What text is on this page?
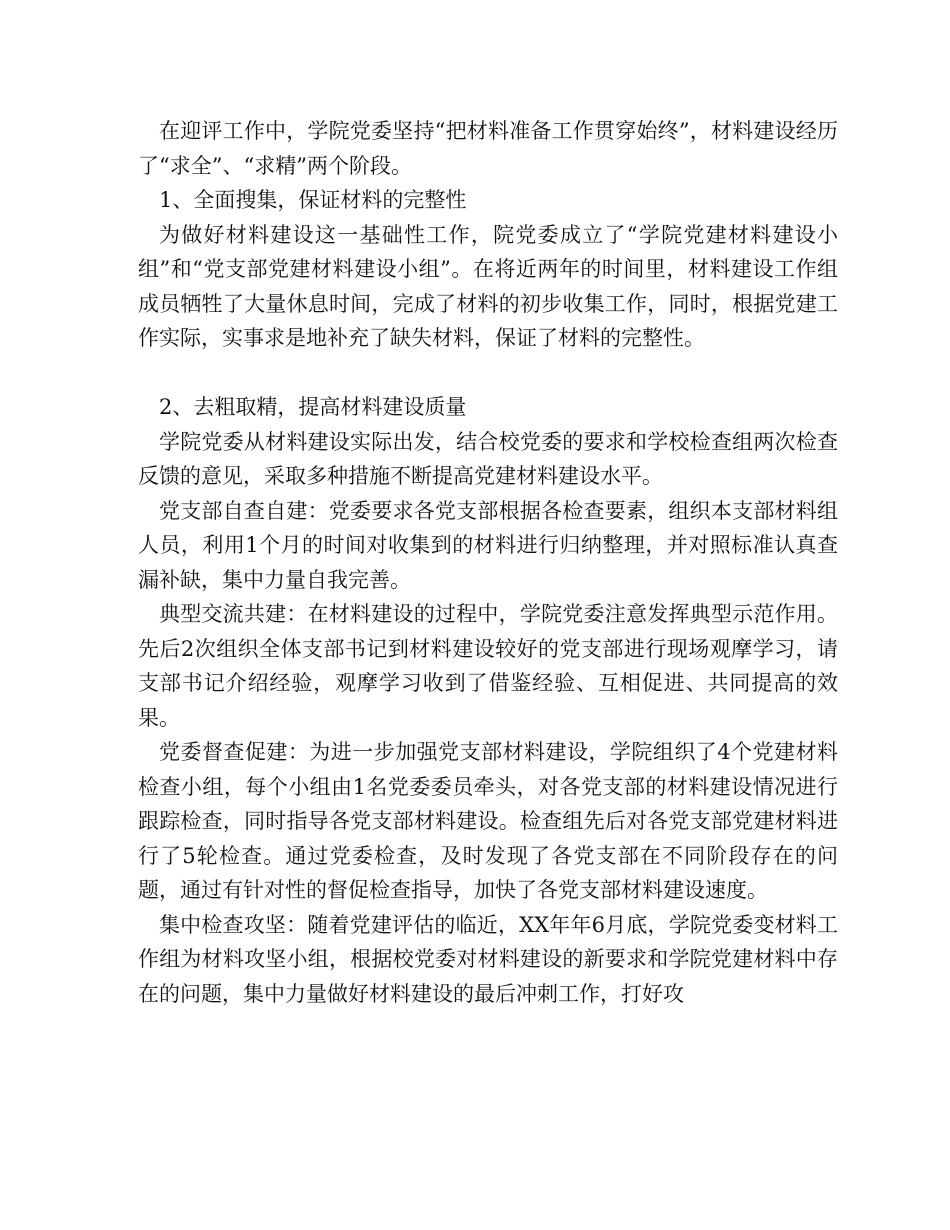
在迎评工作中，学院党委坚持“把材料准备工作贯穿始终”，材料建设经历了“求全”、“求精”两个阶段。

1、全面搜集，保证材料的完整性

为做好材料建设这一基础性工作，院党委成立了“学院党建材料建设小组”和“党支部党建材料建设小组”。在将近两年的时间里，材料建设工作组成员牺牲了大量休息时间，完成了材料的初步收集工作，同时，根据党建工作实际，实事求是地补充了缺失材料，保证了材料的完整性。

2、去粗取精，提高材料建设质量

学院党委从材料建设实际出发，结合校党委的要求和学校检查组两次检查反馈的意见，采取多种措施不断提高党建材料建设水平。

党支部自查自建：党委要求各党支部根据各检查要素，组织本支部材料组人员，利用1个月的时间对收集到的材料进行归纳整理，并对照标准认真查漏补缺，集中力量自我完善。

典型交流共建：在材料建设的过程中，学院党委注意发挥典型示范作用。先后2次组织全体支部书记到材料建设较好的党支部进行现场观摩学习，请支部书记介绍经验，观摩学习收到了借鉴经验、互相促进、共同提高的效果。

党委督查促建：为进一步加强党支部材料建设，学院组织了4个党建材料检查小组，每个小组由1名党委委员牵头，对各党支部的材料建设情况进行跟踪检查，同时指导各党支部材料建设。检查组先后对各党支部党建材料进行了5轮检查。通过党委检查，及时发现了各党支部在不同阶段存在的问题，通过有针对性的督促检查指导，加快了各党支部材料建设速度。

集中检查攻坚：随着党建评估的临近，XX年年6月底，学院党委变材料工作组为材料攻坚小组，根据校党委对材料建设的新要求和学院党建材料中存在的问题，集中力量做好材料建设的最后冲刺工作，打好攻
